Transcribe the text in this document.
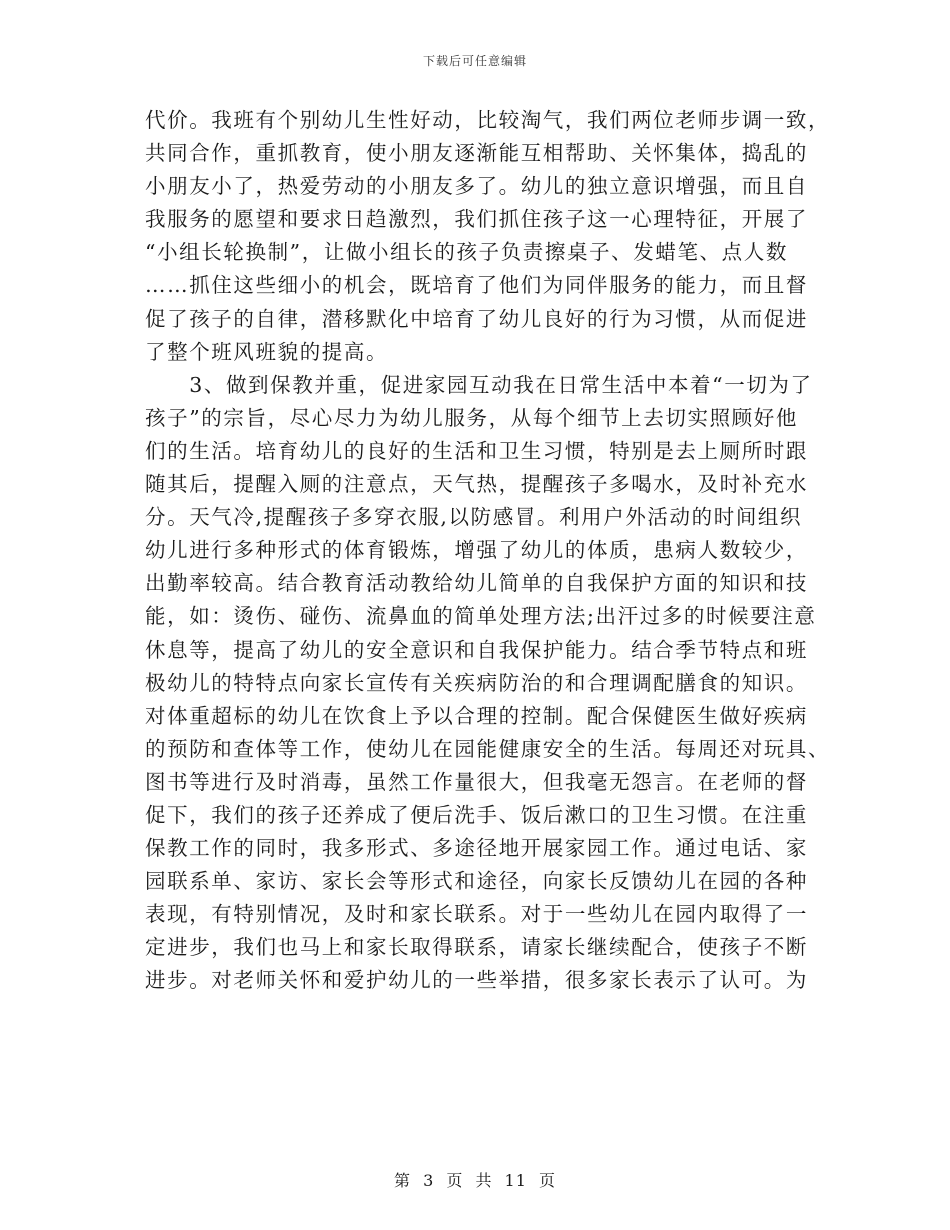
下载后可任意编辑
代价。我班有个别幼儿生性好动，比较淘气，我们两位老师步调一致，
共同合作，重抓教育，使小朋友逐渐能互相帮助、关怀集体，捣乱的
小朋友小了，热爱劳动的小朋友多了。幼儿的独立意识增强，而且自
我服务的愿望和要求日趋激烈，我们抓住孩子这一心理特征，开展了
“小组长轮换制”，让做小组长的孩子负责擦桌子、发蜡笔、点人数
……抓住这些细小的机会，既培育了他们为同伴服务的能力，而且督
促了孩子的自律，潜移默化中培育了幼儿良好的行为习惯，从而促进
了整个班风班貌的提高。
　　3、做到保教并重，促进家园互动我在日常生活中本着“一切为了
孩子”的宗旨，尽心尽力为幼儿服务，从每个细节上去切实照顾好他
们的生活。培育幼儿的良好的生活和卫生习惯，特别是去上厕所时跟
随其后，提醒入厕的注意点，天气热，提醒孩子多喝水，及时补充水
分。天气冷,提醒孩子多穿衣服,以防感冒。利用户外活动的时间组织
幼儿进行多种形式的体育锻炼，增强了幼儿的体质，患病人数较少，
出勤率较高。结合教育活动教给幼儿简单的自我保护方面的知识和技
能，如：烫伤、碰伤、流鼻血的简单处理方法;出汗过多的时候要注意
休息等，提高了幼儿的安全意识和自我保护能力。结合季节特点和班
极幼儿的特特点向家长宣传有关疾病防治的和合理调配膳食的知识。
对体重超标的幼儿在饮食上予以合理的控制。配合保健医生做好疾病
的预防和查体等工作，使幼儿在园能健康安全的生活。每周还对玩具、
图书等进行及时消毒，虽然工作量很大，但我毫无怨言。在老师的督
促下，我们的孩子还养成了便后洗手、饭后漱口的卫生习惯。在注重
保教工作的同时，我多形式、多途径地开展家园工作。通过电话、家
园联系单、家访、家长会等形式和途径，向家长反馈幼儿在园的各种
表现，有特别情况，及时和家长联系。对于一些幼儿在园内取得了一
定进步，我们也马上和家长取得联系，请家长继续配合，使孩子不断
进步。对老师关怀和爱护幼儿的一些举措，很多家长表示了认可。为
第 3 页 共 11 页
